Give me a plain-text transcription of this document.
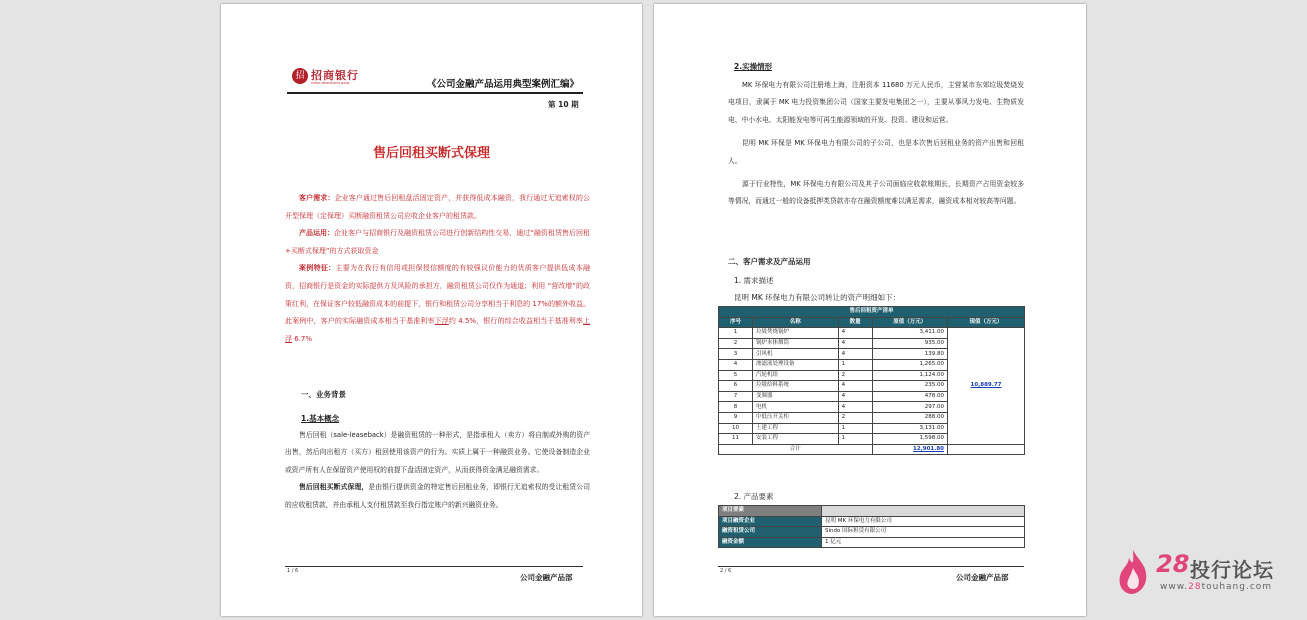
招 招商银行
CHINA MERCHANTS BANK	《公司金融产品运用典型案例汇编》
第 10 期
售后回租买断式保理

客户需求：企业客户通过售后回租盘活固定资产，并获得低成本融资，我行通过无追索权的公开型保理（定保理）买断融资租赁公司应收企业客户的租赁款。

产品运用：企业客户与招商银行及融资租赁公司进行创新结构性交易，通过“融资租赁售后回租+买断式保理”的方式获取资金

案例特征：主要为在我行有信用或担保授信额度的有较强议价能力的优质客户提供低成本融资，招商银行是资金的实际提供方及风险的承担方，融资租赁公司仅作为通道；利用 “营改增”的政策红利，在保证客户较低融资成本的前提下，银行和租赁公司分享相当于利息的 17%的额外收益。此案例中，客户的实际融资成本相当于基准利率下浮约 4.5%，银行的综合收益相当于基准利率上浮 6.7%

一、业务背景
1.基本概念

售后回租（sale-leaseback）是融资租赁的一种形式，是指承租人（卖方）将自制或外购的资产出售，然后向出租方（买方）租回使用该资产的行为。实质上属于一种融资业务。它使设备制造企业或资产所有人在保留资产使用权的前提下盘活固定资产，从而获得资金满足融资需求。

售后回租买断式保理，是由银行提供资金的特定售后回租业务，即银行无追索权的受让租赁公司的应收租赁款，并由承租人支付租赁款至我行指定账户的新兴融资业务。

1 / 6
公司金融产品部
2.实操情形

MK 环保电力有限公司注册地上海，注册资本 11680 万元人民币，主营某市东郊垃圾焚烧发电项目，隶属于 MK 电力投资集团公司（国家主要发电集团之一），主要从事风力发电、生物质发电、中小水电、太阳能发电等可再生能源领域的开发、投资、建设和运营。

昆明 MK 环保是 MK 环保电力有限公司的子公司，也是本次售后回租业务的资产出售和回租人。

源于行业特性，MK 环保电力有限公司及其子公司面临应收款账期长，长期资产占用资金较多等情况，而通过一般的设备抵押类贷款亦存在融资额度难以满足需求，融资成本相对较高等问题。

二、客户需求及产品运用
1. 需求描述
昆明 MK 环保电力有限公司转让的资产明细如下：
售后回租资产清单				
序号	名称	数量	原值（万元）	现值（万元）
1	垃圾焚烧锅炉	4	3,411.00	10,889.77
2	锅炉本体烟筒	4	935.00	
3	引风机	4	139.80	
4	渗滤液处理设备	1	1,265.00	
5	汽轮机组	2	1,124.00	
6	垃圾给料系统	4	235.00	
7	变频器	4	478.00	
8	电机	4	297.00	
9	中低压开关柜	2	288.00	
10	土建工程	1	3,131.00	
11	安装工程	1	1,598.00	
合计			12,901.80	
2. 产品要素
项目要素	
项目融资企业	昆明 MK 环保电力有限公司
融资租赁公司	Sindo 国际租赁有限公司
融资金额	1 亿元
2 / 6
公司金融产品部	28 投行论坛
www.28touhang.com
